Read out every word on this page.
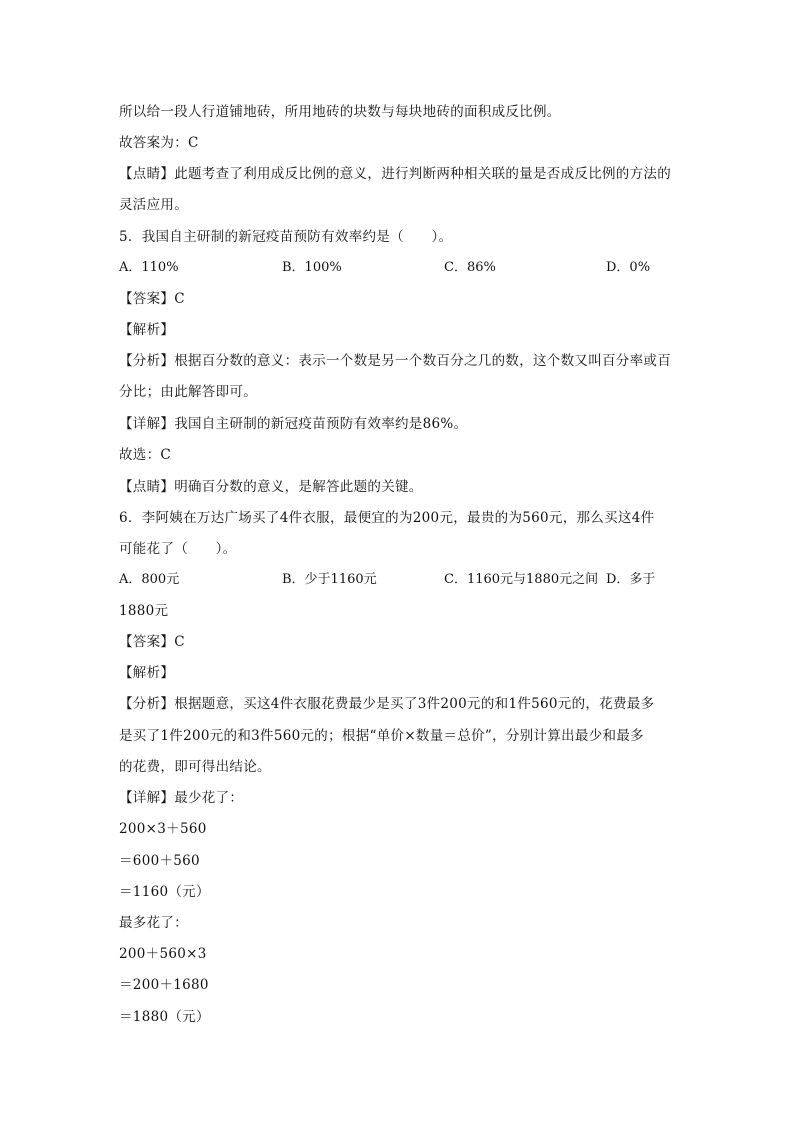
所以给一段人行道铺地砖，所用地砖的块数与每块地砖的面积成反比例。
故答案为：C
【点睛】此题考查了利用成反比例的意义，进行判断两种相关联的量是否成反比例的方法的
灵活应用。
5．我国自主研制的新冠疫苗预防有效率约是（　　）。
A．110%	B．100%	C．86%	D．0%
【答案】C
【解析】
【分析】根据百分数的意义：表示一个数是另一个数百分之几的数，这个数又叫百分率或百
分比；由此解答即可。
【详解】我国自主研制的新冠疫苗预防有效率约是86%。
故选：C
【点睛】明确百分数的意义，是解答此题的关键。
6．李阿姨在万达广场买了4件衣服，最便宜的为200元，最贵的为560元，那么买这4件
可能花了（　　）。
A．800元	B．少于1160元	C．1160元与1880元之间 D．多于
1880元
【答案】C
【解析】
【分析】根据题意，买这4件衣服花费最少是买了3件200元的和1件560元的，花费最多
是买了1件200元的和3件560元的；根据“单价×数量＝总价”，分别计算出最少和最多
的花费，即可得出结论。
【详解】最少花了：
200×3＋560
＝600＋560
＝1160（元）
最多花了：
200＋560×3
＝200＋1680
＝1880（元）
